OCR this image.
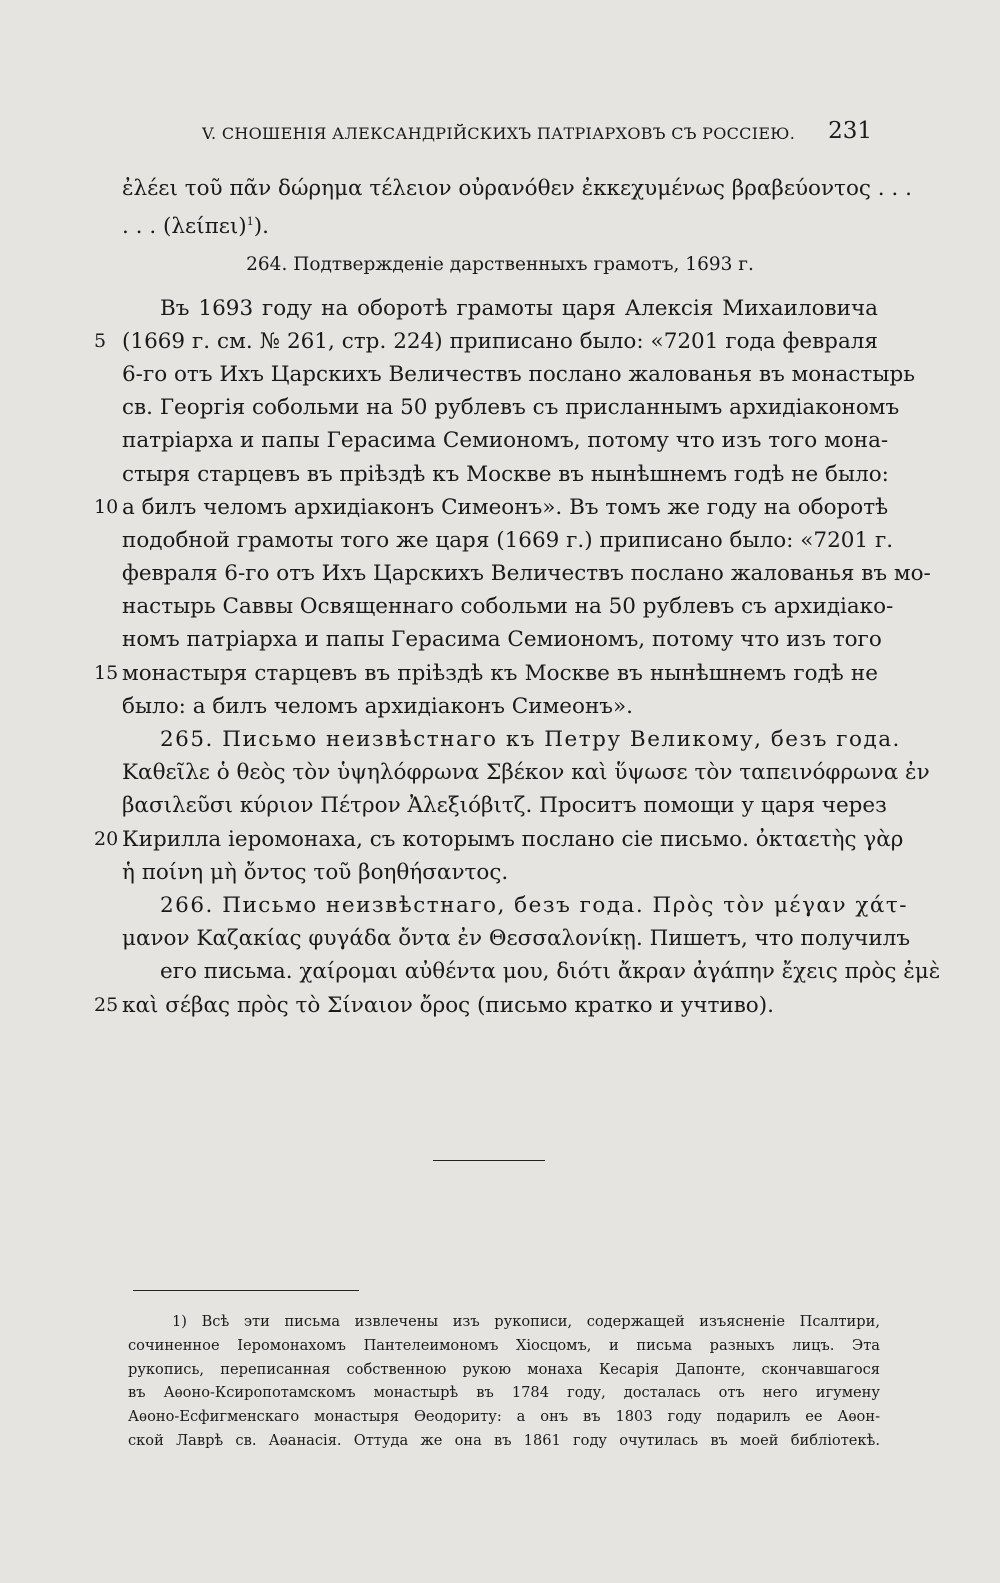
V. СНОШЕНІЯ АЛЕКСАНДРІЙСКИХЪ ПАТРІАРХОВЪ СЪ РОССІЕЮ. 231
ἐλέει τοῦ πᾶν δώρημα τέλειον οὐρανόθεν ἐκκεχυμένως βραβεύοντος . . .
. . . $(\lambda\varepsilon ί\pi\varepsilon\iota)^1$).
264. Подтвержденіе дарственныхъ грамотъ, 1693 г.
Въ 1693 году на оборотѣ грамоты царя Алексія Михаиловича
(1669 г. см. № 261, стр. 224) приписано было: «7201 года февраля
5
6-го отъ Ихъ Царскихъ Величествъ послано жалованья въ монастырь
св. Георгія собольми на 50 рублевъ съ присланнымъ архидіакономъ
патріарха и папы Герасима Семиономъ, потому что изъ того мона-
стыря старцевъ въ пріѣздѣ къ Москве въ нынѣшнемъ годѣ не было:
а билъ челомъ архидіаконъ Симеонъ». Въ томъ же году на оборотѣ
10
подобной грамоты того же царя (1669 г.) приписано было: «7201 г.
февраля 6-го отъ Ихъ Царскихъ Величествъ послано жалованья въ мо-
настырь Саввы Освященнаго собольми на 50 рублевъ съ архидіако-
номъ патріарха и папы Герасима Семиономъ, потому что изъ того
монастыря старцевъ въ пріѣздѣ къ Москве въ нынѣшнемъ годѣ не
15
было: а билъ челомъ архидіаконъ Симеонъ».
265. Письмо неизвѣстнаго къ Петру Великому, безъ года.
Καθεῖλε ὁ θεὸς τὸν ὑψηλόφρωνα Σβέκον καὶ ὕψωσε τὸν ταπεινόφρωνα ἐν
βασιλεῦσι κύριον Πέτρον Ἀλεξιόβιτζ. Проситъ помощи у царя через
Кирилла іеромонаха, съ которымъ послано сіе письмо. ὀκταετὴς γὰρ
20
ἡ ποίνη μὴ ὄντος τοῦ βοηθήσαντος.
266. Письмо неизвѣстнаго, безъ года. Πρὸς τὸν μέγαν χάτ-
μανον Καζακίας φυγάδα ὄντα ἐν Θεσσαλονίκῃ. Пишетъ, что получилъ
его письма. χαίρομαι αὐθέντα μου, διότι ἄκραν ἀγάπην ἔχεις πρὸς ἐμὲ
καὶ σέβας πρὸς τὸ Σίναιον ὄρος (письмо кратко и учтиво).
25
1) Всѣ эти письма извлечены изъ рукописи, содержащей изъясненіе Псалтири,
сочиненное Іеромонахомъ Пантелеимономъ Хіосцомъ, и письма разныхъ лицъ. Эта
рукопись, переписанная собственною рукою монаха Кесарія Дапонте, скончавшагося
въ Аѳоно-Ксиропотамскомъ монастырѣ въ 1784 году, досталась отъ него игумену
Аѳоно-Есфигменскаго монастыря Ѳеодориту: а онъ въ 1803 году подарилъ ее Аѳон-
ской Лаврѣ св. Аѳанасія. Оттуда же она въ 1861 году очутилась въ моей библіотекѣ.
